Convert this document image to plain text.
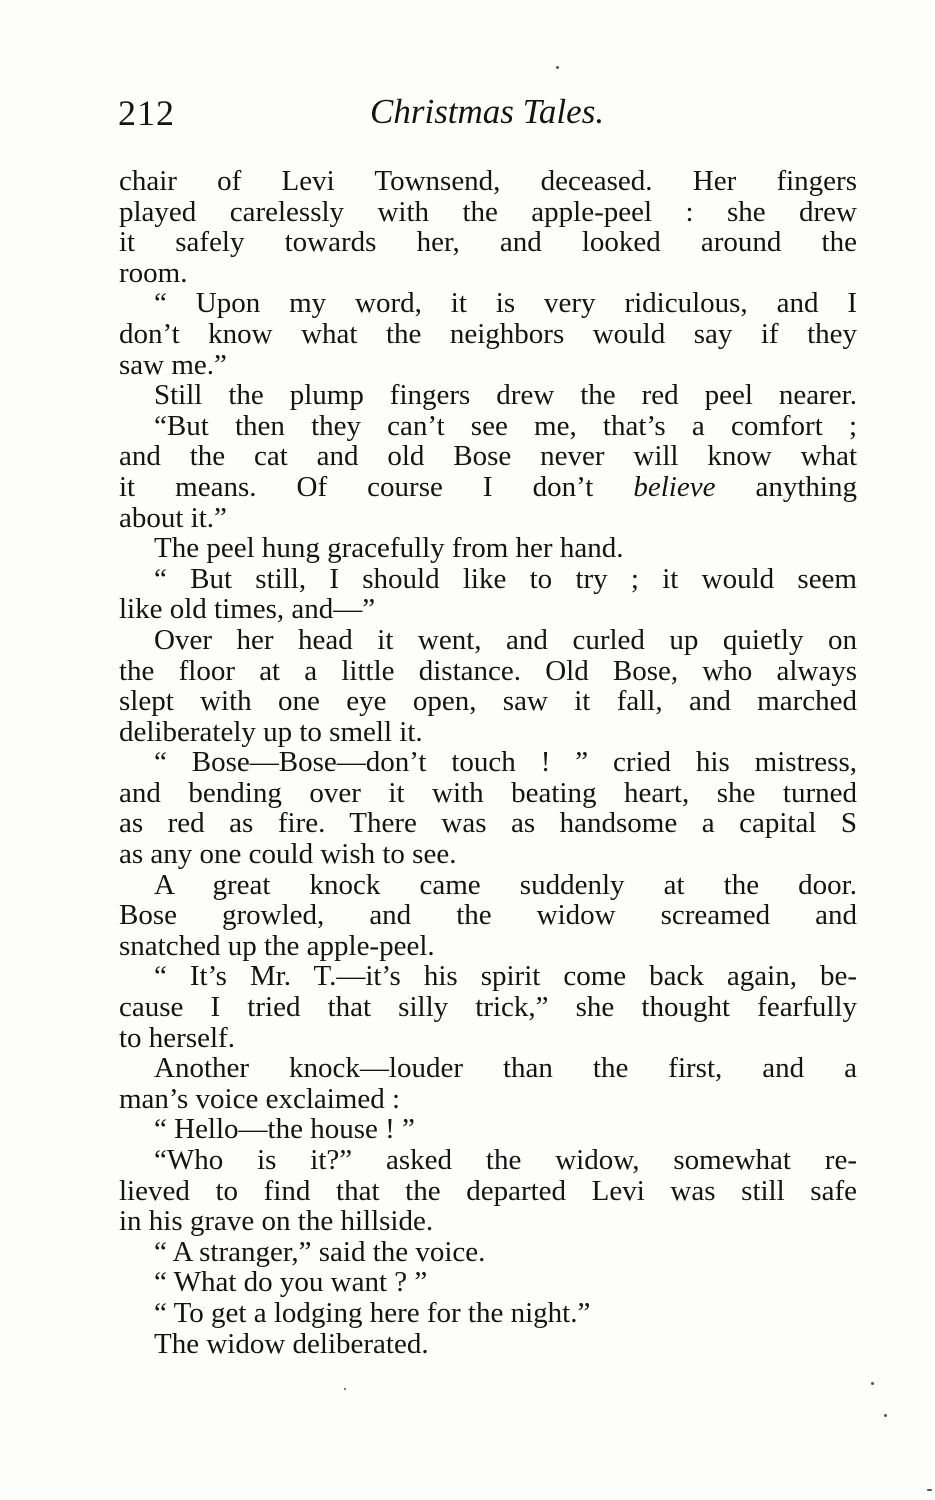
212	Christmas Tales.
chair of Levi Townsend, deceased. Her fingers
played carelessly with the apple-peel : she drew
it safely towards her, and looked around the
room.
“ Upon my word, it is very ridiculous, and I
don’t know what the neighbors would say if they
saw me.”
Still the plump fingers drew the red peel nearer.
“But then they can’t see me, that’s a comfort ;
and the cat and old Bose never will know what
it means. Of course I don’t believe anything
about it.”
The peel hung gracefully from her hand.
“ But still, I should like to try ; it would seem
like old times, and—”
Over her head it went, and curled up quietly on
the floor at a little distance. Old Bose, who always
slept with one eye open, saw it fall, and marched
deliberately up to smell it.
“ Bose—Bose—don’t touch ! ” cried his mistress,
and bending over it with beating heart, she turned
as red as fire. There was as handsome a capital S
as any one could wish to see.
A great knock came suddenly at the door.
Bose growled, and the widow screamed and
snatched up the apple-peel.
“ It’s Mr. T.—it’s his spirit come back again, be-
cause I tried that silly trick,” she thought fearfully
to herself.
Another knock—louder than the first, and a
man’s voice exclaimed :
“ Hello—the house ! ”
“Who is it?” asked the widow, somewhat re-
lieved to find that the departed Levi was still safe
in his grave on the hillside.
“ A stranger,” said the voice.
“ What do you want ? ”
“ To get a lodging here for the night.”
The widow deliberated.
